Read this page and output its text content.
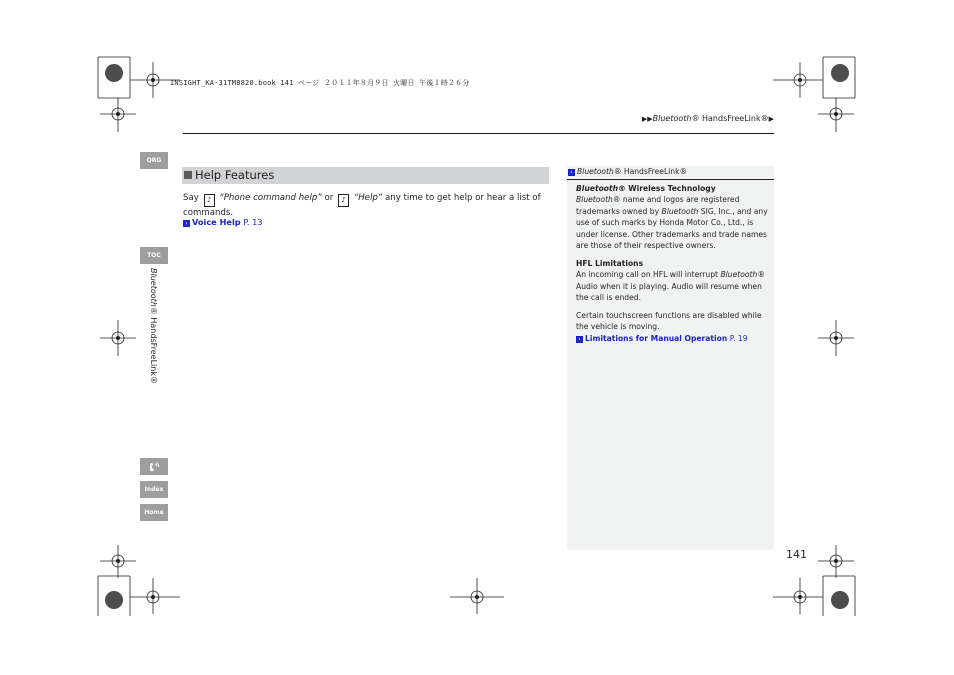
INSIGHT_KA-31TM8820.book 141 ページ ２０１１年８月９日 火曜日 午後１時２６分
▶▶Bluetooth® HandsFreeLink®▶
QRG
TOC
Index
Home
Bluetooth® HandsFreeLink®
Help Features
Say ♪ “Phone command help” or ♪ “Help” any time to get help or hear a list of commands.
› Voice Help P. 13
› Bluetooth® HandsFreeLink®
Bluetooth® Wireless Technology
Bluetooth® name and logos are registered trademarks owned by Bluetooth SIG, Inc., and any use of such marks by Honda Motor Co., Ltd., is under license. Other trademarks and trade names are those of their respective owners.
HFL Limitations
An incoming call on HFL will interrupt Bluetooth® Audio when it is playing. Audio will resume when the call is ended.
Certain touchscreen functions are disabled while the vehicle is moving.
› Limitations for Manual Operation P. 19
141
